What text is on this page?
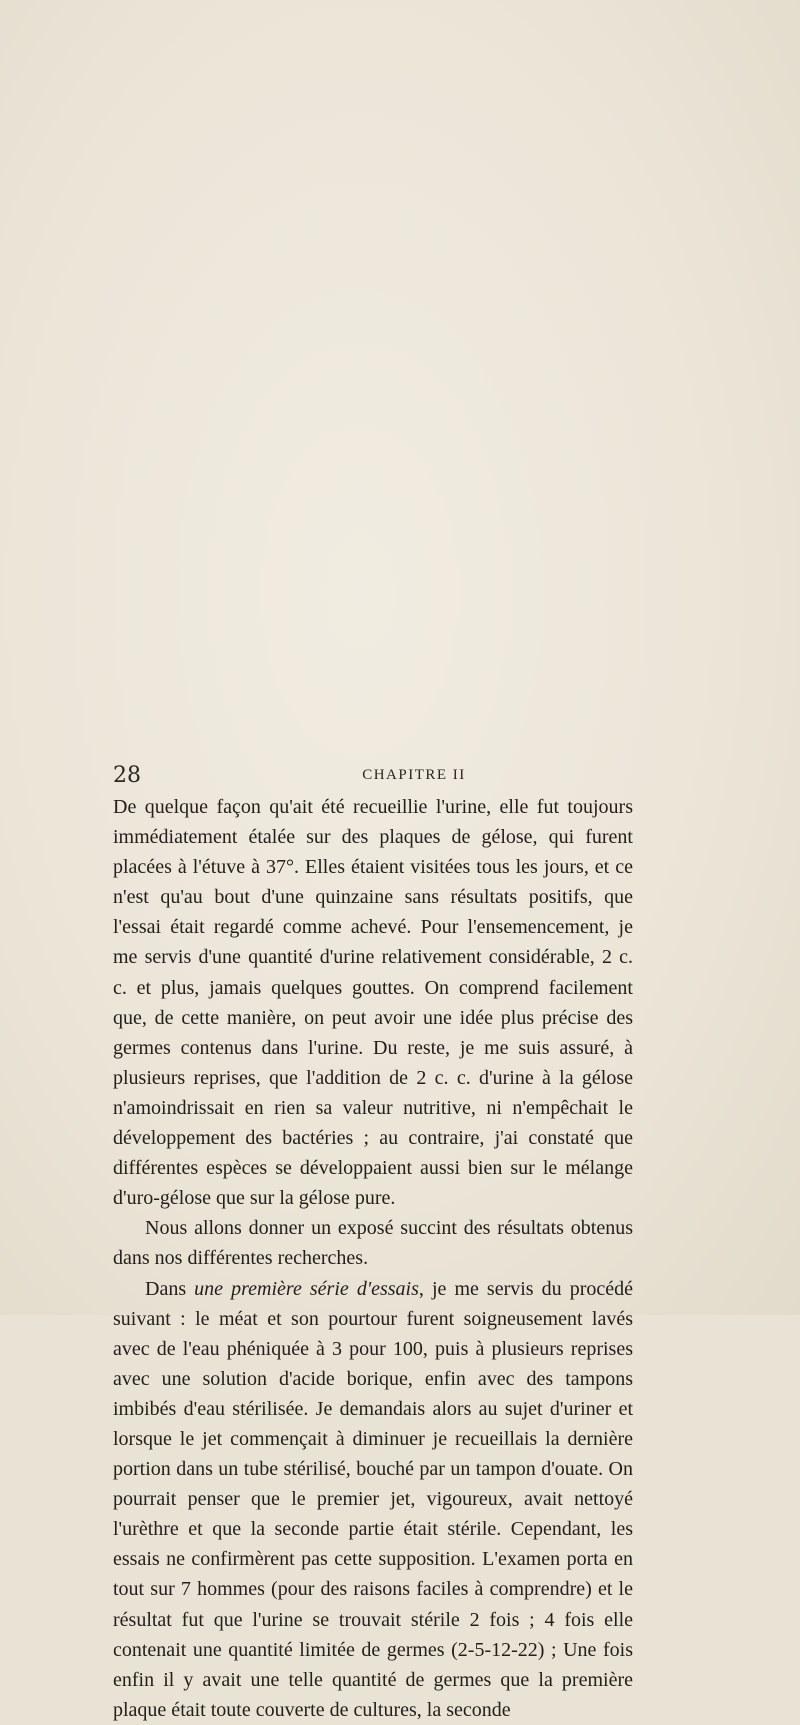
28	CHAPITRE II

De quelque façon qu'ait été recueillie l'urine, elle fut toujours immédiatement étalée sur des plaques de gélose, qui furent placées à l'étuve à 37°. Elles étaient visitées tous les jours, et ce n'est qu'au bout d'une quinzaine sans résultats positifs, que l'essai était regardé comme achevé. Pour l'ensemencement, je me servis d'une quantité d'urine relativement considérable, 2 c. c. et plus, jamais quelques gouttes. On comprend facilement que, de cette manière, on peut avoir une idée plus précise des germes contenus dans l'urine. Du reste, je me suis assuré, à plusieurs reprises, que l'addition de 2 c. c. d'urine à la gélose n'amoindrissait en rien sa valeur nutritive, ni n'empêchait le développement des bactéries ; au contraire, j'ai constaté que différentes espèces se développaient aussi bien sur le mélange d'uro-gélose que sur la gélose pure.

Nous allons donner un exposé succint des résultats obtenus dans nos différentes recherches.

Dans une première série d'essais, je me servis du procédé suivant : le méat et son pourtour furent soigneusement lavés avec de l'eau phéniquée à 3 pour 100, puis à plusieurs reprises avec une solution d'acide borique, enfin avec des tampons imbibés d'eau stérilisée. Je demandais alors au sujet d'uriner et lorsque le jet commençait à diminuer je recueillais la dernière portion dans un tube stérilisé, bouché par un tampon d'ouate. On pourrait penser que le premier jet, vigoureux, avait nettoyé l'urèthre et que la seconde partie était stérile. Cependant, les essais ne confirmèrent pas cette supposition. L'examen porta en tout sur 7 hommes (pour des raisons faciles à comprendre) et le résultat fut que l'urine se trouvait stérile 2 fois ; 4 fois elle contenait une quantité limitée de germes (2-5-12-22) ; Une fois enfin il y avait une telle quantité de germes que la première plaque était toute couverte de cultures, la seconde
